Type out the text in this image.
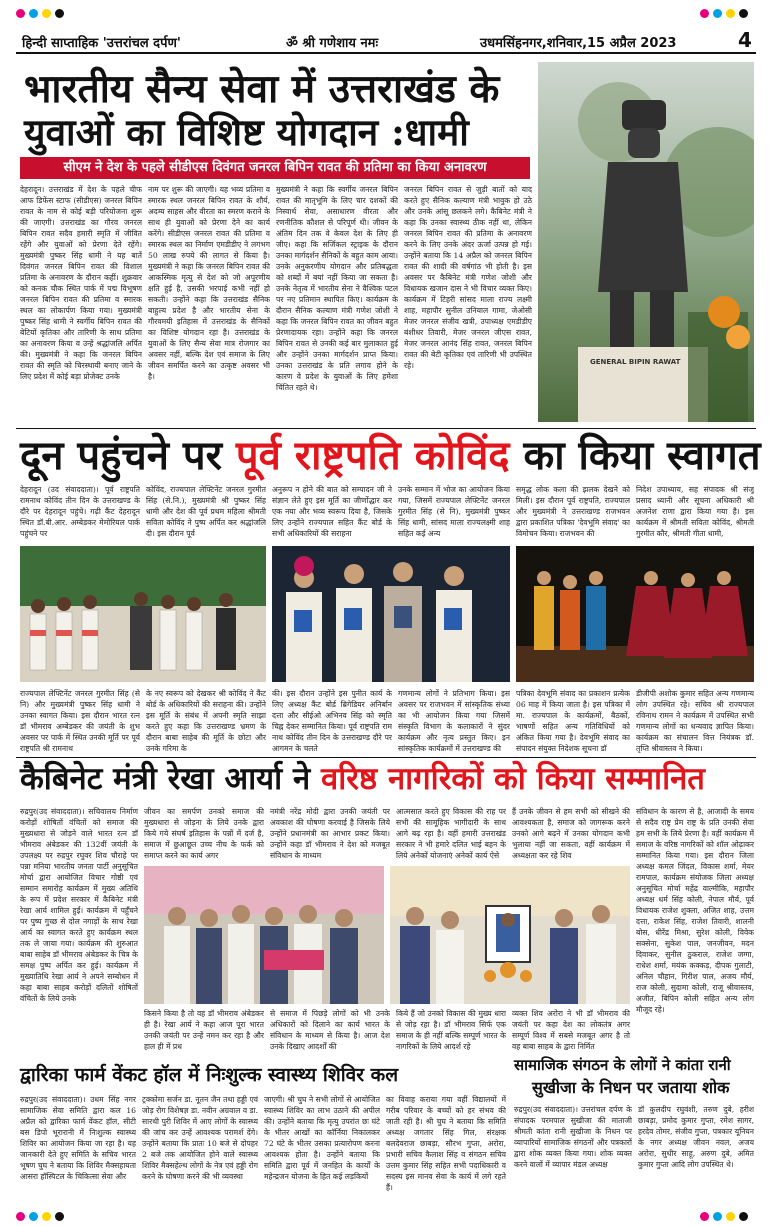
हिन्दी साप्ताहिक 'उत्तरांचल दर्पण'	ॐ श्री गणेशाय नमः	उधमसिंहनगर,शनिवार,15 अप्रैल 2023	4
भारतीय सैन्य सेवा में उत्तराखंड के
युवाओं का विशिष्ट योगदान :धामी
सीएम ने देश के पहले सीडीएस दिवंगत जनरल बिपिन रावत की प्रतिमा का किया अनावरण
GENERAL BIPIN RAWAT
देहरादून। उत्तराखंड में देश के पहले चीफ आफ डिफेंस स्टाफ (सीडीएस) जनरल बिपिन रावत के नाम से कोई बड़ी परियोजना शुरू की जाएगी। उत्तराखंड का गौरव जनरल बिपिन रावत सदैव हमारी स्मृति में जीवित रहेंगे और युवाओं को प्रेरणा देते रहेंगे। मुख्यमंत्री पुष्कर सिंह धामी ने यह बातें दिवंगत जनरल बिपिन रावत की विशाल प्रतिमा के अनावरण के दौरान कहीं। शुक्रवार को कनक चौक स्थित पार्क में पद्म विभूषण जनरल बिपिन रावत की प्रतिमा व स्मारक स्थल का लोकार्पण किया गया। मुख्यमंत्री पुष्कर सिंह धामी ने स्वर्गीय बिपिन रावत की बेटियों कृतिका और तारिणी के साथ प्रतिमा का अनावरण किया व उन्हें श्रद्धांजलि अर्पित की। मुख्यमंत्री ने कहा कि जनरल बिपिन रावत की स्मृति को चिरस्थायी बनाए जाने के लिए प्रदेश में कोई बड़ा प्रोजेक्ट उनके
नाम पर शुरू की जाएगी। यह भव्य प्रतिमा व स्मारक स्थल जनरल बिपिन रावत के शौर्य, अदम्य साहस और वीरता का स्मरण कराने के साथ ही युवाओं को प्रेरणा देने का कार्य करेंगे। सीडीएस जनरल रावत की प्रतिमा व स्मारक स्थल का निर्माण एमडीडीए ने लगभग 50 लाख रुपये की लागत से किया है। मुख्यमंत्री ने कहा कि जनरल बिपिन रावत की आकस्मिक मृत्यु से देश को जो अपूरणीय क्षति हुई है, उसकी भरपाई कभी नहीं हो सकती। उन्होंने कहा कि उत्तराखंड सैनिक बाहुल्य प्रदेश है और भारतीय सेना के गौरवमयी इतिहास में उत्तराखंड के सैनिकों का विशिष्ट योगदान रहा है। उत्तराखंड के युवाओं के लिए सैन्य सेवा मात्र रोजगार का अवसर नहीं, बल्कि देश एवं समाज के लिए जीवन समर्पित करने का उत्कृष्ट अवसर भी है।
मुख्यमंत्री ने कहा कि स्वर्गीय जनरल बिपिन रावत की मातृभूमि के लिए चार दशकों की निस्वार्थ सेवा, असाधारण वीरता और रणनीतिक कौशल से परिपूर्ण थी। जीवन के अंतिम दिन तक वे केवल देश के लिए ही जीए। कहा कि सर्जिकल स्ट्राइक के दौरान उनका मार्गदर्शन सैनिकों के बहुत काम आया। उनके अनुकरणीय योगदान और प्रतिबद्धता को शब्दों में बयां नहीं किया जा सकता है। उनके नेतृत्व में भारतीय सेना ने वैश्विक पटल पर नए प्रतिमान स्थापित किए। कार्यक्रम के दौरान सैनिक कल्याण मंत्री गणेश जोशी ने कहा कि जनरल बिपिन रावत का जीवन बहुत प्रेरणादायक रहा। उन्होंने कहा कि जनरल बिपिन रावत से उनकी कई बार मुलाकात हुई और उन्होंने उनका मार्गदर्शन प्राप्त किया। उनका उत्तराखंड के प्रति लगाव होने के कारण वे प्रदेश के युवाओं के लिए हमेशा चिंतित रहते थे।
जनरल बिपिन रावत से जुड़ी बातों को याद करते हुए सैनिक कल्याण मंत्री भावुक हो उठे और उनके आंसू छलकने लगे। कैबिनेट मंत्री ने कहा कि उनका स्वास्थ्य ठीक नहीं था, लेकिन जनरल बिपिन रावत की प्रतिमा के अनावरण करने के लिए उनके अंदर ऊर्जा उत्पन्न हो गई। उन्होंने बताया कि 14 अप्रैल को जनरल बिपिन रावत की शादी की वर्षगांठ भी होती है। इस अवसर पर कैबिनेट मंत्री गणेश जोशी और विधायक खजान दास ने भी विचार व्यक्त किए। कार्यक्रम में टिहरी सांसद माला राज्य लक्ष्मी शाह, महापौर सुनील उनियाल गामा, जेओसी मेजर जनरल संजीव खत्री, उपाध्यक्ष एमडीडीए बंशीधर तिवारी, मेजर जनरल जीएस रावत, मेजर जनरल आनंद सिंह रावत, जनरल बिपिन रावत की बेटी कृतिका एवं तारिणी भी उपस्थित रहे।
दून पहुंचने पर पूर्व राष्ट्रपति कोविंद का किया स्वागत
देहरादून (उद संवाददाता)। पूर्व राष्ट्रपति रामनाथ कोविंद तीन दिन के उत्तराखण्ड के दौरे पर देहरादून पहुंचे। गढ़ी कैंट देहरादून स्थित डॉ.बी.आर. अम्बेडकर मेमोरियल पार्क पहुंचने पर
कोविंद, राज्यपाल लेफ्टिनेंट जनरल गुरमीत सिंह (से.नि.), मुख्यमंत्री श्री पुष्कर सिंह धामी और देश की पूर्व प्रथम महिला श्रीमती सविता कोविंद ने पुष्प अर्पित कर श्रद्धांजलि दी। इस दौरान पूर्व
अनुरूप न होने की बात को सम्पादन जी ने संज्ञान लेते हुए इस मूर्ति का जीर्णोद्धार कर एक नया और भव्य स्वरूप दिया है, जिसके लिए उन्होंने राज्यपाल सहित कैंट बोर्ड के सभी अधिकारियों की सराहना
उनके सम्मान में भोज का आयोजन किया गया, जिसमें राज्यपाल लेफ्टिनेंट जनरल गुरमीत सिंह (से नि), मुख्यमंत्री पुष्कर सिंह धामी, सांसद माला राज्यलक्ष्मी शाह सहित कई अन्य
समृद्ध लोक कला की झलक देखने को मिली। इस दौरान पूर्व राष्ट्रपति, राज्यपाल और मुख्यमंत्री ने उत्तराखण्ड राजभवन द्वारा प्रकाशित पत्रिका 'देवभूमि संवाद' का विमोचन किया। राजभवन की
निदेश उपाध्याय, सह संपादक श्री संजू प्रसाद ध्यानी और सूचना अधिकारी श्री अजनेश राणा द्वारा किया गया है। इस कार्यक्रम में श्रीमती सविता कोविंद, श्रीमती गुरमीत कौर, श्रीमती गीता धामी,
राज्यपाल लेफ्टिनेंट जनरल गुरमीत सिंह (से नि) और मुख्यमंत्री पुष्कर सिंह धामी ने उनका स्वागत किया। इस दौरान भारत रत्न डॉ भीमराव अम्बेडकर की जयंती के शुभ अवसर पर पार्क में स्थित उनकी मूर्ति पर पूर्व राष्ट्रपति श्री रामनाथ
के नए स्वरूप को देखकर श्री कोविंद ने कैंट बोर्ड के अधिकारियों की सराहना की। उन्होंने इस मूर्ति के संबंध में अपनी स्मृति साझा करते हुए कहा कि उत्तराखण्ड भ्रमण के दौरान बाबा साहेब की मूर्ति के छोटा और उनके गरिमा के
की। इस दौरान उन्होंने इस पुनीत कार्य के लिए अध्यक्ष कैंट बोर्ड ब्रिगेडियर अनिर्बान दत्ता और सीईओ अभिनव सिंह को स्मृति चिह्न देकर सम्मानित किया। पूर्व राष्ट्रपति राम नाथ कोविंद तीन दिन के उत्तराखण्ड दौरे पर आगमन के चलते
गणमान्य लोगों ने प्रतिभाग किया। इस अवसर पर राजभवन में सांस्कृतिक संध्या का भी आयोजन किया गया जिसमें संस्कृति विभाग के कलाकारों ने सुंदर कार्यक्रम और नृत्य प्रस्तुत किए। इन सांस्कृतिक कार्यक्रमों में उत्तराखण्ड की
पत्रिका देवभूमि संवाद का प्रकाशन प्रत्येक 06 माह में किया जाता है। इस पत्रिका में मा. राज्यपाल के कार्यक्रमों, बैठकों, भाषणों सहित अन्य गतिविधियों को अंकित किया गया है। देवभूमि संवाद का संपादन संयुक्त निदेशक सूचना डॉ
डीजीपी अशोक कुमार सहित अन्य गणमान्य लोग उपस्थित रहे। सचिव श्री राज्यपाल रविनाथ रामन ने कार्यक्रम में उपस्थित सभी गणमान्य लोगों का धन्यवाद ज्ञापित किया। कार्यक्रम का संचालन वित्त नियंत्रक डॉ. तृप्ति श्रीवास्तव ने किया।
कैबिनेट मंत्री रेखा आर्या ने वरिष्ठ नागरिकों को किया सम्मानित
रुद्रपुर(उद संवाददाता)। सचिवालय निर्माण करोड़ों शोषितों वंचितों को समाज की मुख्यधारा से जोड़ने वाले भारत रत्न डॉ भीमराव अंबेडकर की 132वीं जयंती के उपलक्ष्य पर रुद्रपुर रघुवर शिव चौराहे पर पन्ना मनिया भारतीय जनता पार्टी अनुसूचित मोर्चा द्वारा आयोजित विचार गोष्ठी एवं सम्मान समारोह कार्यक्रम में मुख्य अतिथि के रूप में प्रदेश सरकार में कैबिनेट मंत्री रेखा आर्य शामिल हुईं। कार्यक्रम में पहुँचने पर पुष्प गुच्छ से दोल नगाड़ों के साथ रेखा आर्य का स्वागत करते हुए कार्यक्रम स्थल तक ले जाया गया। कार्यक्रम की शुरुआत बाबा साहेब डॉ भीमराव अंबेडकर के चित्र के समक्ष पुष्प अर्पित कर हुई। कार्यक्रम में मुख्यातिथि रेखा आर्य ने अपने सम्बोधन में कहा बाबा साहब करोड़ों दलितों शोषितों वंचितों के लिये उनके
जीवन का समर्पण उनको समाज की मुख्यधारा से जोड़ना के लिये उनके द्वारा किये गये संघर्ष इतिहास के पन्नों में दर्ज है, समाज में छुआछूत उच्च नीच के फर्क को समाप्त करने का कार्य अगर
नमंत्री नरेंद्र मोदी द्वारा उनकी जयंती पर अवकाश की घोषणा करवाई है जिसके लिये उन्होंने प्रधानमंत्री का आभार प्रकट किया। उन्होंने कहा डॉ भीमराव ने देश को मजबूत संविधान के माध्यम
आत्मसात करते हुए विकास की राह पर सभी की सामूहिक भागीदारी के साथ आगे बढ़ रहा है। वहीं हमारी उत्तराखंड सरकार ने भी हमारे दलित भाई बहन के लिये अनेकों योजनाएं अनेकों कार्य ऐसे
हैं उनके जीवन से हम सभी को सीखने की आवश्यकता है, समाज को जागरूक करने उनको आगे बढ़ने में उनका योगदान कभी भुलाया नहीं जा सकता, वहीं कार्यक्रम में अध्यक्षता कर रहे शिव
संविधान के कारण से है, आजादी के समय से सदैव राष्ट्र प्रेम राष्ट्र के प्रति उनकी सेवा हम सभी के लिये प्रेरणा है। वहीं कार्यक्रम में समाज के वरिष्ठ नागरिकों को शॉल ओढ़ाकर सम्मानित किया गया। इस दौरान जिला अध्यक्ष कमल जिंदल, विकास शर्मा, मेयर रामपाल, कार्यक्रम संयोजक जिला अध्यक्ष अनुसूचित मोर्चा महेंद्र वाल्मीकि, महापौर अध्यक्ष धर्म सिंह कोली, नेपाल मौर्य, पूर्व विधायक राजेश शुक्ला, अजित शाह, उत्तम दत्ता, राकेश सिंह, राजेश तिवारी, शालनी बोस, धीरेंद्र मिश्रा, सुरेश कोली, विवेक सक्सेना, सुकेश पाल, जनजीवन, मदन दिवाकर, सुनील ठुकराल, राजेश जग्गा, राधेश शर्मा, मयंक कक्कड़, दीपक गुलाटी, अनिल चौहान, गिरीश पाल, अजय मौर्य, राज कोली, सुदामा कोली, राजू श्रीवास्तव, अजीत, बिपिन कोली सहित अन्य लोग मौजूद रहे।
किसने किया है तो वह डॉ भीमराव अंबेडकर ही है। रेखा आर्य ने कहा आज पूरा भारत उनकी जयंती पर उन्हें नमन कर रहा है और हाल ही में प्रध
से समाज में पिछड़े लोगों को भी उनके अधिकारों को दिलाने का कार्य भारत के संविधान के माध्यम से किया है। आज देश उनके दिखाए आदर्शों की
किये हैं जो उनको विकास की मुख्य धारा से जोड़ रहा है। डॉ भीमराव सिर्फ एक समाज के ही नहीं बल्कि सम्पूर्ण भारत के नागरिकों के लिये आदर्श रहे
व्यक्त शिव अरोरा ने भी डॉ भीमराव की जयंती पर कहा देश का लोकतंत्र अगर सम्पूर्ण विश्व में सबसे मजबूत अगर है तो वह बाबा साहब के द्वारा निर्मित
द्वारिका फार्म वेंकट हॉल में निःशुल्क स्वास्थ्य शिविर कल
रुद्रपुर(उद संवाददाता)। उधम सिंह नगर सामाजिक सेवा समिति द्वारा कल 16 अप्रैल को द्वारिका फार्म वेंकट हॉल, सीटी बस डिपो भूरारानी में निःशुल्क स्वास्थ्य शिविर का आयोजन किया जा रहा है। यह जानकारी देते हुए समिति के सचिव भारत भूषण चुघ ने बताया कि शिविर मैक्सहायता आसरा हॉस्पिटल के चिकित्सा सेवा और
ट्रक्कोमा सर्जन डा. नूतन जैन तथा हड्डी एवं जोड़ रोग विशेषज्ञ डा. नवीन अग्रवाल व डा. सारथी पुरी शिविर में आए लोगों के स्वास्थ्य की जांच कर उन्हें आवश्यक परामर्श देंगे। उन्होंने बताया कि प्रातः 10 बजे से दोपहर 2 बजे तक आयोजित होने वाले स्वास्थ्य शिविर मैक्सहेल्थ लोगों के नेत्र एवं हड्डी रोग करने के घोषणा करने की भी व्यवस्था
जाएगी। श्री चुघ ने सभी लोगों से आयोजित स्वास्थ्य शिविर का लाभ उठाने की अपील की। उन्होंने बताया कि मृत्यु उपरांत छः घंटे के भीतर आखों का कॉर्निया निकालकर 72 घंटे के भीतर उसका प्रत्यारोपण करना आवश्यक होता है। उन्होंने बताया कि समिति द्वारा पूर्व में जनहित के कार्यों के महेन्द्रजन योजना के हित कई लड़कियों
का विवाह कराया गया वहीं विद्यालयों में गरीब परिवार के बच्चों को हर संभव की जाती रही है। श्री चुघ ने बताया कि समिति अध्यक्ष जगतार सिंह गिल, संरक्षक बलदेवराज छाबड़ा, सौरभ गुप्ता, अरोरा, प्रभारी सचिव कैलाश सिंह व संगठन सचिव उत्तम कुमार सिंह सहित सभी पदाधिकारी व सदस्य इस मानव सेवा के कार्य में लगे रहते हैं।
सामाजिक संगठन के लोगों ने कांता रानी
सुखीजा के निधन पर जताया शोक
रुद्रपुर(उद संवाददाता)। उत्तरांचल दर्पण के संपादक परमपाल सुखीजा की माताजी श्रीमती कांता रानी सुखीजा के निधन पर व्यापारियों सामाजिक संगठनों और पत्रकारों द्वारा शोक व्यक्त किया गया। शोक व्यक्त करने वालों में व्यापार मंडल अध्यक्ष
डॉ कुलदीप रघुवंशी, तरुण दुबे, हरीश छाबड़ा, प्रमोद कुमार गुप्ता, रमेश सागर, हरदेव तोमर, संजीव गुप्ता, पत्रकार यूनियन के नगर अध्यक्ष जीवन नवल, अजय अरोरा, सुधीर साहू, अरुण दुबे, अमित कुमार गुप्ता आदि लोग उपस्थित थे।
